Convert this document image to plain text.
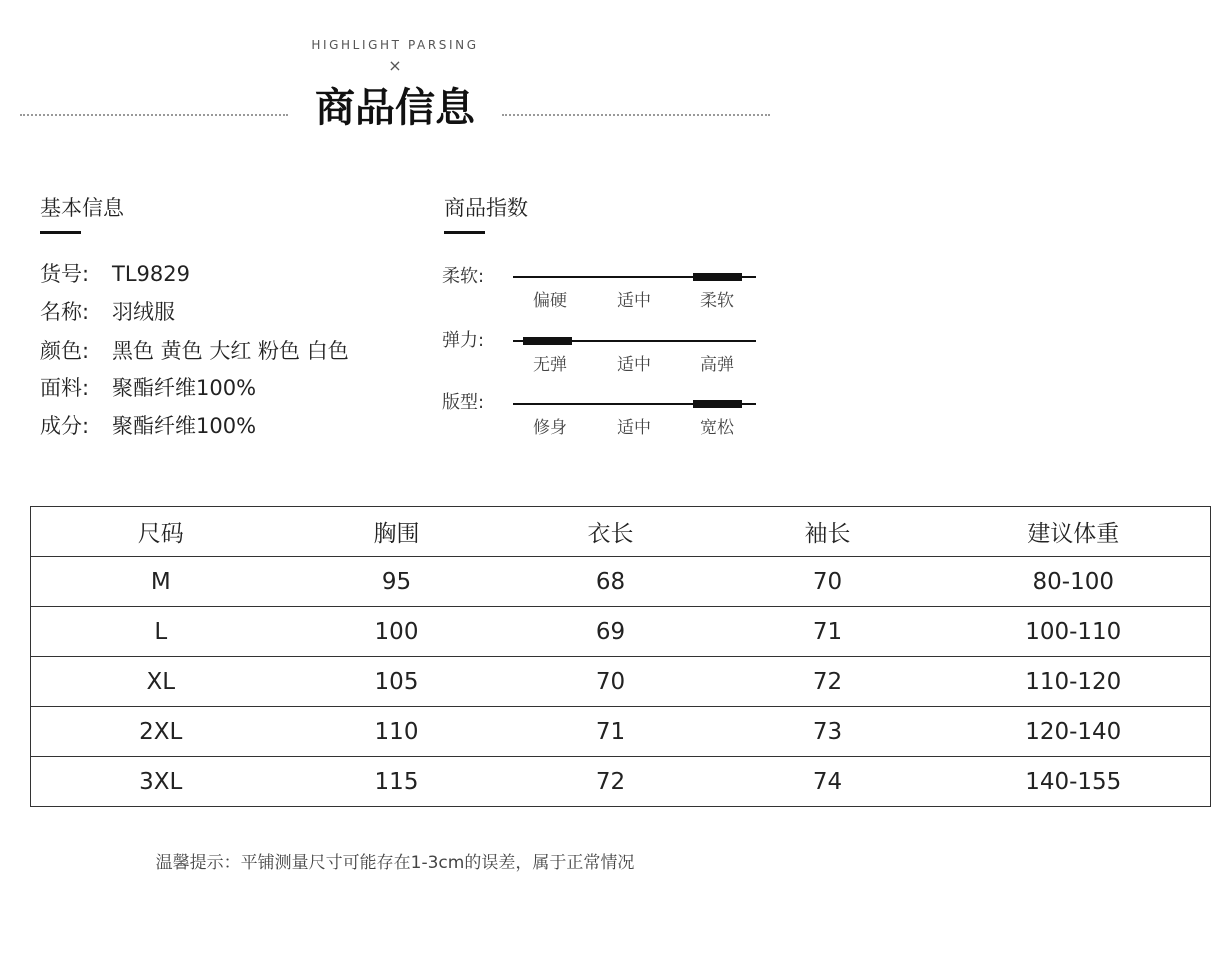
HIGHLIGHT PARSING
×
商品信息
基本信息
货号: TL9829
名称: 羽绒服
颜色: 黑色 黄色 大红 粉色 白色
面料: 聚酯纤维100%
成分: 聚酯纤维100%
商品指数
柔软:
偏硬	适中	柔软
弹力:
无弹	适中	高弹
版型:
修身	适中	宽松
尺码	胸围	衣长	袖长	建议体重
M	95	68	70	80-100
L	100	69	71	100-110
XL	105	70	72	110-120
2XL	110	71	73	120-140
3XL	115	72	74	140-155
温馨提示：平铺测量尺寸可能存在1-3cm的误差，属于正常情况
